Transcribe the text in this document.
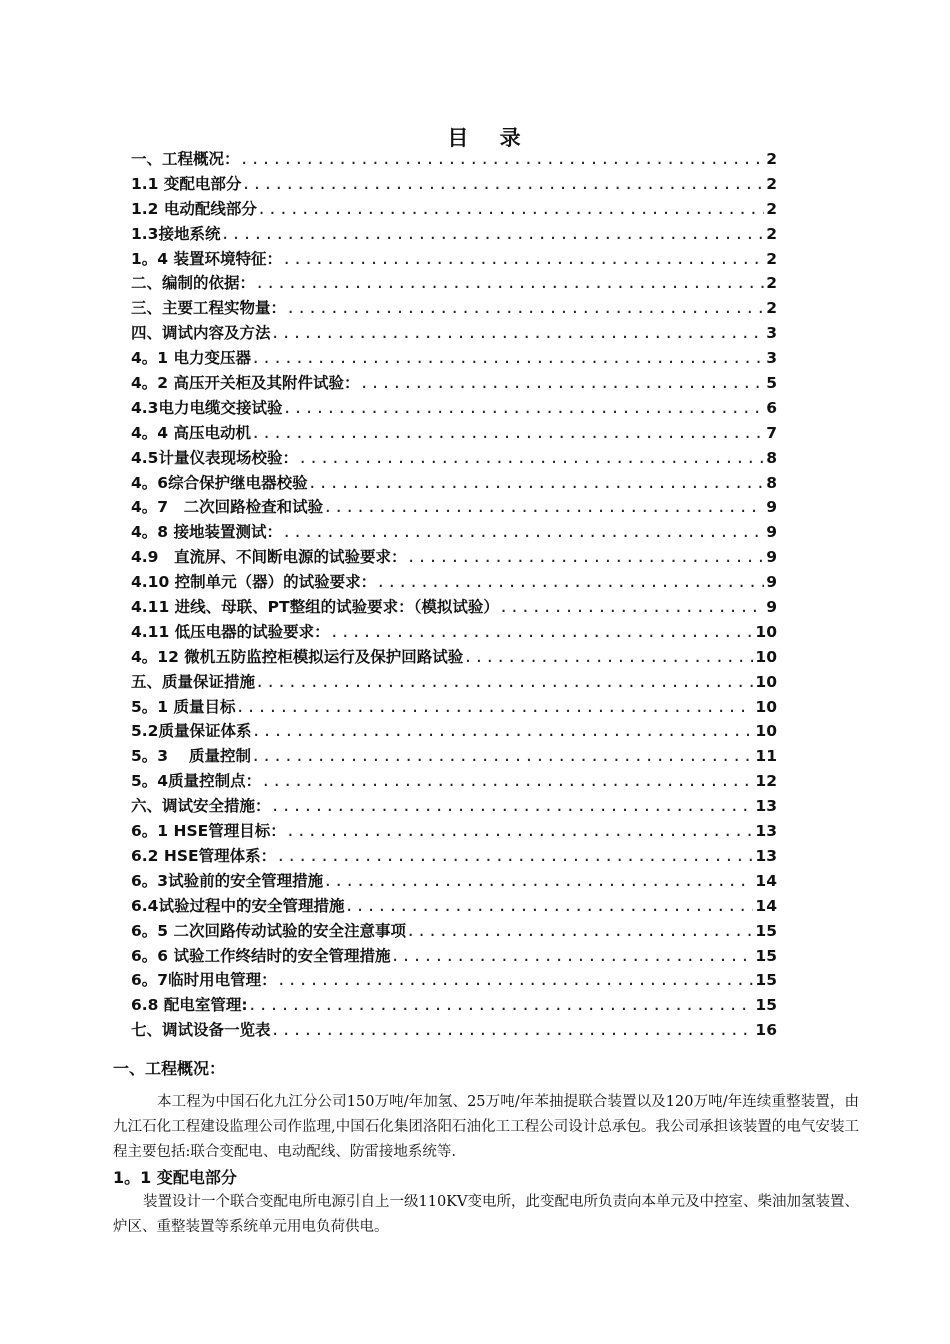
目 录
一、工程概况： .....	2
1.1 变配电部分 .....	2
1.2 电动配线部分 .....	2
1.3接地系统 .....	2
1。4 装置环境特征： .....	2
二、编制的依据： .....	2
三、主要工程实物量： .....	2
四、调试内容及方法 .....	3
4。1 电力变压器 .....	3
4。2 高压开关柜及其附件试验： .....	5
4.3电力电缆交接试验 .....	6
4。4 高压电动机 .....	7
4.5计量仪表现场校验： .....	8
4。6综合保护继电器校验 .....	8
4。7　二次回路检查和试验 .....	9
4。8 接地装置测试： .....	9
4.9　直流屏、不间断电源的试验要求： .....	9
4.10 控制单元（器）的试验要求： .....	9
4.11 进线、母联、PT整组的试验要求：（模拟试验） .....	9
4.11 低压电器的试验要求： .....	10
4。12 微机五防监控柜模拟运行及保护回路试验 .....	10
五、质量保证措施 .....	10
5。1 质量目标 .....	10
5.2质量保证体系 .....	10
5。3　 质量控制 .....	11
5。4质量控制点： .....	12
六、调试安全措施： .....	13
6。1 HSE管理目标： .....	13
6.2 HSE管理体系： .....	13
6。3试验前的安全管理措施 .....	14
6.4试验过程中的安全管理措施 .....	14
6。5 二次回路传动试验的安全注意事项 .....	15
6。6 试验工作终结时的安全管理措施 .....	15
6。7临时用电管理： .....	15
6.8 配电室管理: .....	15
七、调试设备一览表 .....	16
一、工程概况：
本工程为中国石化九江分公司150万吨/年加氢、25万吨/年苯抽提联合装置以及120万吨/年连续重整装置，由九江石化工程建设监理公司作监理,中国石化集团洛阳石油化工工程公司设计总承包。我公司承担该装置的电气安装工程主要包括:联合变配电、电动配线、防雷接地系统等.
1。1 变配电部分
装置设计一个联合变配电所电源引自上一级110KV变电所，此变配电所负责向本单元及中控室、柴油加氢装置、炉区、重整装置等系统单元用电负荷供电。
